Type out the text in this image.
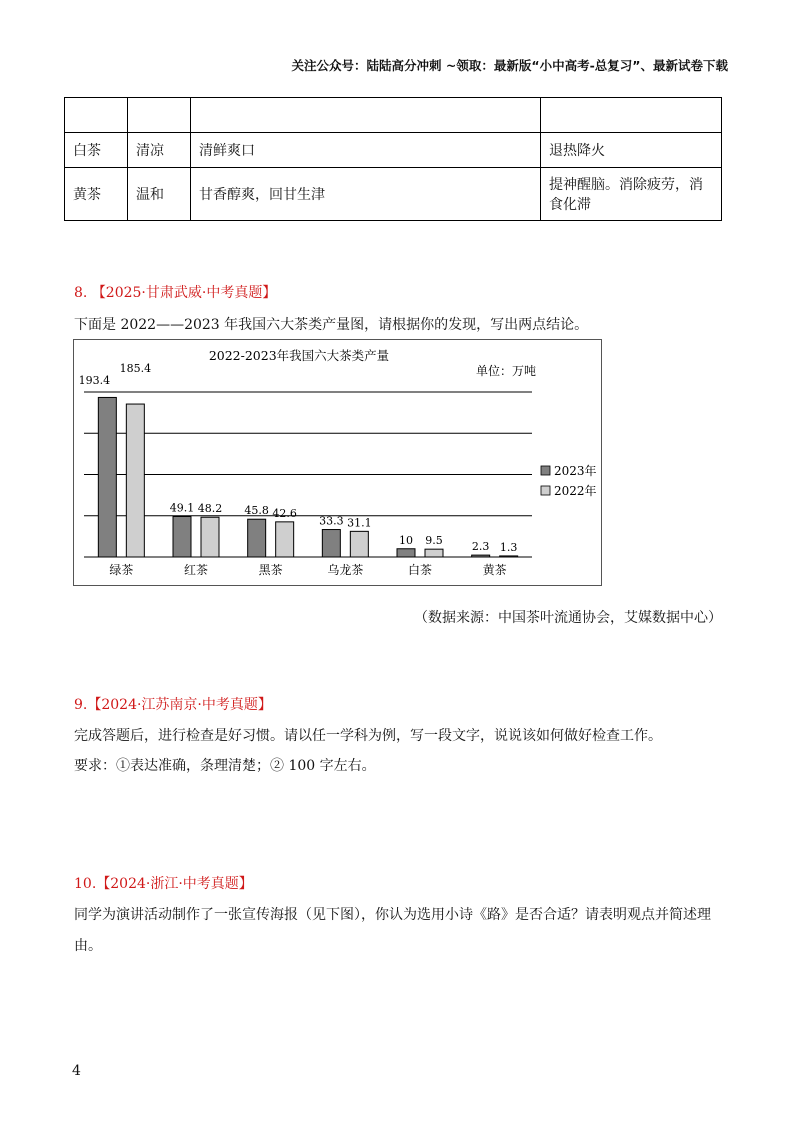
关注公众号：陆陆高分冲刺 ~领取：最新版“小中高考-总复习”、最新试卷下载

白茶	清凉	清鲜爽口	退热降火
黄茶	温和	甘香醇爽，回甘生津	提神醒脑。消除疲劳，消食化滞
8. 【2025·甘肃武威·中考真题】
下面是 2022——2023 年我国六大茶类产量图，请根据你的发现，写出两点结论。
2022-2023年我国六大茶类产量
单位：万吨
193.4
185.4
49.1 48.2 45.8 42.6
33.3 31.1
10 9.5	2.3 1.3
绿茶	红茶	黑茶	乌龙茶	白茶	黄茶
2023年
2022年
（数据来源：中国茶叶流通协会，艾媒数据中心）
9.【2024·江苏南京·中考真题】
完成答题后，进行检查是好习惯。请以任一学科为例，写一段文字，说说该如何做好检查工作。
要求：①表达准确，条理清楚；② 100 字左右。
10.【2024·浙江·中考真题】
同学为演讲活动制作了一张宣传海报（见下图），你认为选用小诗《路》是否合适？请表明观点并简述理
由。
4
